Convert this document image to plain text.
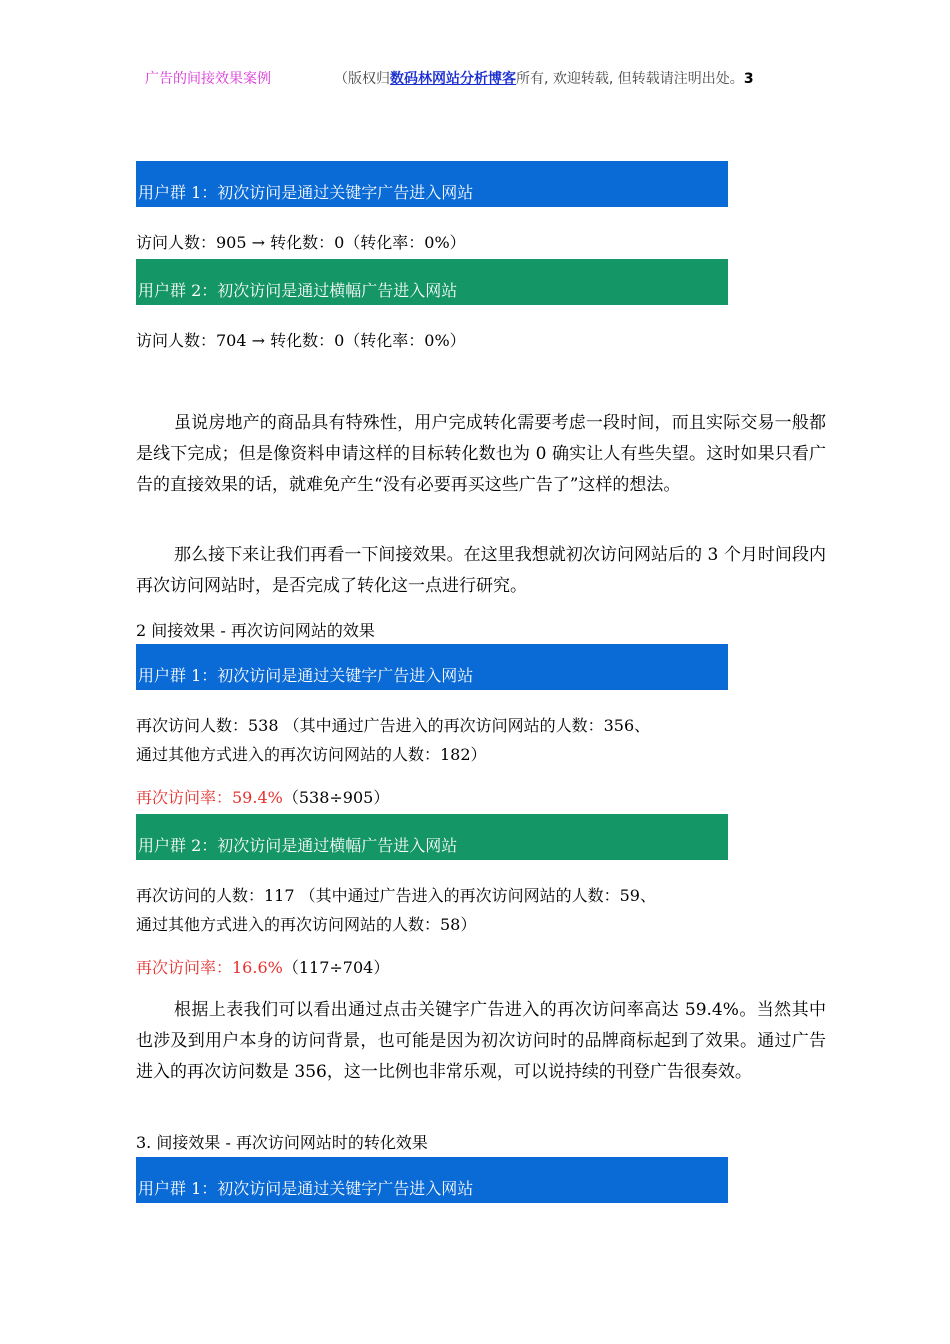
广告的间接效果案例	（版权归数码林网站分析博客所有, 欢迎转载, 但转载请注明出处。3
用户群 1：初次访问是通过关键字广告进入网站
访问人数：905 → 转化数：0（转化率：0%）
用户群 2：初次访问是通过横幅广告进入网站
访问人数：704 → 转化数：0（转化率：0%）
虽说房地产的商品具有特殊性，用户完成转化需要考虑一段时间，而且实际交易一般都是线下完成；但是像资料申请这样的目标转化数也为 0 确实让人有些失望。这时如果只看广告的直接效果的话，就难免产生“没有必要再买这些广告了”这样的想法。
那么接下来让我们再看一下间接效果。在这里我想就初次访问网站后的 3 个月时间段内再次访问网站时，是否完成了转化这一点进行研究。
2 间接效果 - 再次访问网站的效果
用户群 1：初次访问是通过关键字广告进入网站
再次访问人数：538 （其中通过广告进入的再次访问网站的人数：356、
通过其他方式进入的再次访问网站的人数：182）
再次访问率：59.4%（538÷905）
用户群 2：初次访问是通过横幅广告进入网站
再次访问的人数：117 （其中通过广告进入的再次访问网站的人数：59、
通过其他方式进入的再次访问网站的人数：58）
再次访问率：16.6%（117÷704）
根据上表我们可以看出通过点击关键字广告进入的再次访问率高达 59.4%。当然其中也涉及到用户本身的访问背景，也可能是因为初次访问时的品牌商标起到了效果。通过广告进入的再次访问数是 356，这一比例也非常乐观，可以说持续的刊登广告很奏效。
3. 间接效果 - 再次访问网站时的转化效果
用户群 1：初次访问是通过关键字广告进入网站
